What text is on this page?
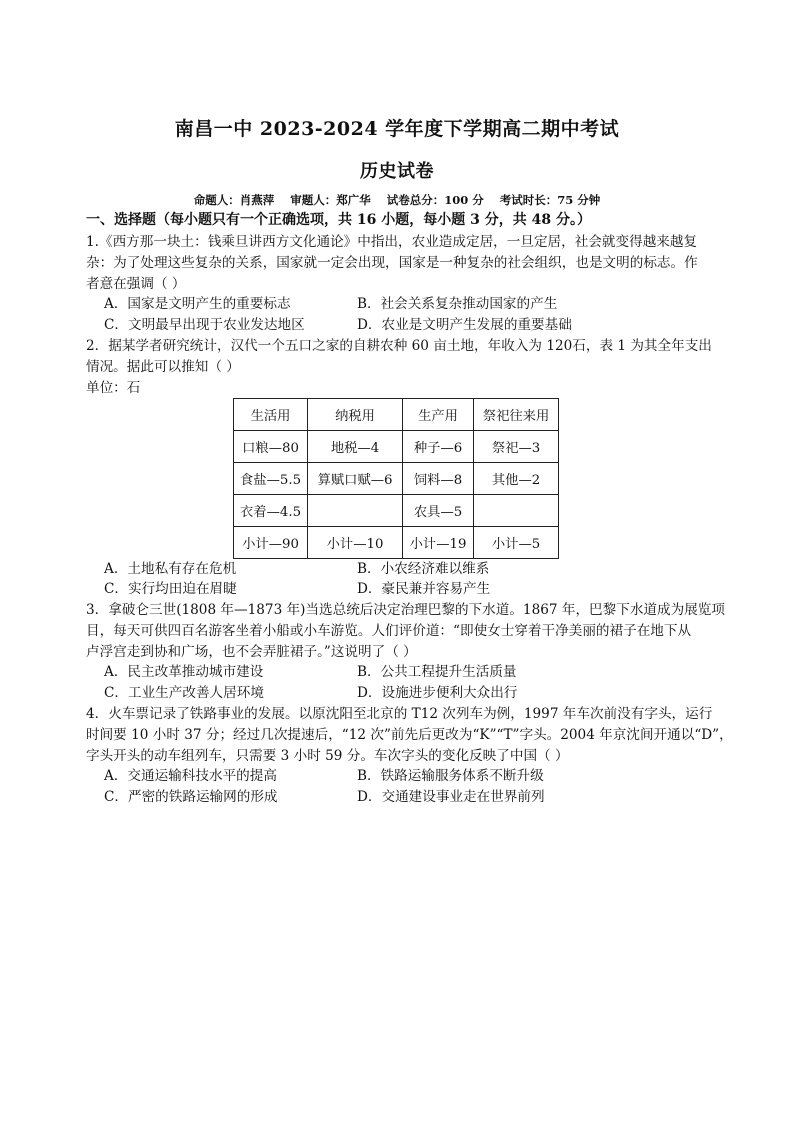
南昌一中 2023-2024 学年度下学期高二期中考试
历史试卷
命题人：肖燕萍    审题人：郑广华    试卷总分：100 分    考试时长：75 分钟
一、选择题（每小题只有一个正确选项，共 16 小题，每小题 3 分，共 48 分。）
1.《西方那一块土：钱乘旦讲西方文化通论》中指出，农业造成定居，一旦定居，社会就变得越来越复
杂：为了处理这些复杂的关系，国家就一定会出现，国家是一种复杂的社会组织，也是文明的标志。作
者意在强调（ ）
A．国家是文明产生的重要标志	B．社会关系复杂推动国家的产生
C．文明最早出现于农业发达地区	D．农业是文明产生发展的重要基础
2．据某学者研究统计，汉代一个五口之家的自耕农种 60 亩土地，年收入为 120石，表 1 为其全年支出
情况。据此可以推知（ ）
单位：石
生活用	纳税用	生产用	祭祀往来用
口粮—80	地税—4	种子—6	祭祀—3
食盐—5.5	算赋口赋—6	饲料—8	其他—2
衣着—4.5		农具—5	
小计—90	小计—10	小计—19	小计—5
A．土地私有存在危机	B．小农经济难以维系
C．实行均田迫在眉睫	D．豪民兼并容易产生
3．拿破仑三世(1808 年—1873 年)当选总统后决定治理巴黎的下水道。1867 年，巴黎下水道成为展览项
目，每天可供四百名游客坐着小船或小车游览。人们评价道：“即使女士穿着干净美丽的裙子在地下从
卢浮宫走到协和广场，也不会弄脏裙子。”这说明了（ ）
A．民主改革推动城市建设	B．公共工程提升生活质量
C．工业生产改善人居环境	D．设施进步便利大众出行
4．火车票记录了铁路事业的发展。以原沈阳至北京的 T12 次列车为例，1997 年车次前没有字头，运行
时间要 10 小时 37 分；经过几次提速后，“12 次”前先后更改为“K”“T”字头。2004 年京沈间开通以“D”，
字头开头的动车组列车，只需要 3 小时 59 分。车次字头的变化反映了中国（ ）
A．交通运输科技水平的提高	B．铁路运输服务体系不断升级
C．严密的铁路运输网的形成	D．交通建设事业走在世界前列
